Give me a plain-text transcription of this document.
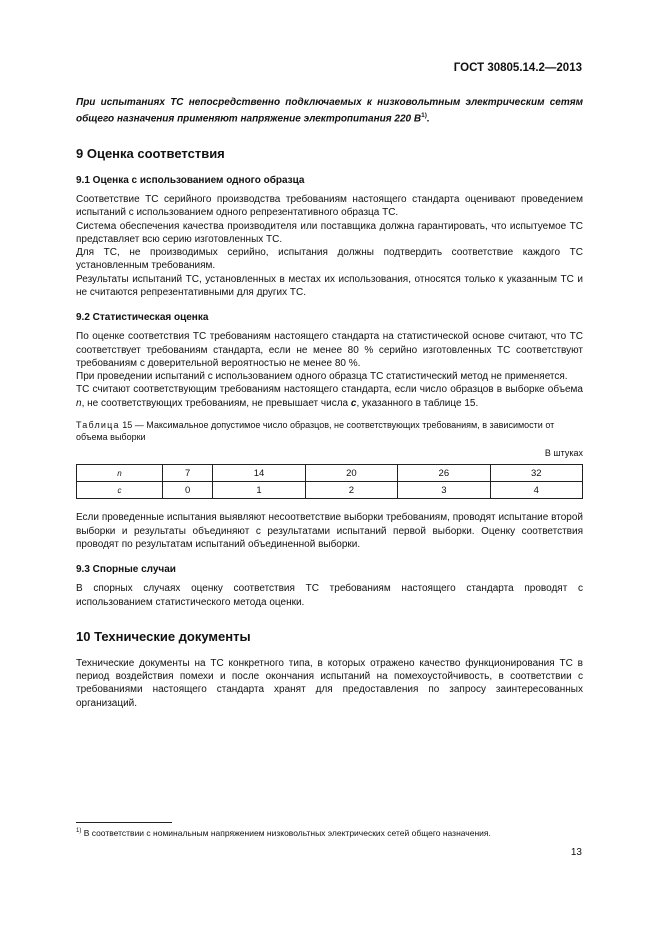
ГОСТ 30805.14.2—2013

При испытаниях ТС непосредственно подключаемых к низковольтным электрическим сетям общего назначения применяют напряжение электропитания 220 $В^{1)}$.

9 Оценка соответствия
9.1 Оценка с использованием одного образца

Соответствие ТС серийного производства требованиям настоящего стандарта оценивают проведением испытаний с использованием одного репрезентативного образца ТС.

Система обеспечения качества производителя или поставщика должна гарантировать, что испытуемое ТС представляет всю серию изготовленных ТС.

Для ТС, не производимых серийно, испытания должны подтвердить соответствие каждого ТС установленным требованиям.

Результаты испытаний ТС, установленных в местах их использования, относятся только к указанным ТС и не считаются репрезентативными для других ТС.

9.2 Статистическая оценка

По оценке соответствия ТС требованиям настоящего стандарта на статистической основе считают, что ТС соответствует требованиям стандарта, если не менее 80 % серийно изготовленных ТС соответствуют требованиям с доверительной вероятностью не менее 80 %.

При проведении испытаний с использованием одного образца ТС статистический метод не применяется.

ТС считают соответствующим требованиям настоящего стандарта, если число образцов в выборке объема n, не соответствующих требованиям, не превышает числа c, указанного в таблице 15.

Таблица 15 — Максимальное допустимое число образцов, не соответствующих требованиям, в зависимости от объема выборки
В штуках
n	7	14	20	26	32
c	0	1	2	3	4

Если проведенные испытания выявляют несоответствие выборки требованиям, проводят испытание второй выборки и результаты объединяют с результатами испытаний первой выборки. Оценку соответствия проводят по результатам испытаний объединенной выборки.

9.3 Спорные случаи

В спорных случаях оценку соответствия ТС требованиям настоящего стандарта проводят с использованием статистического метода оценки.

10 Технические документы

Технические документы на ТС конкретного типа, в которых отражено качество функционирования ТС в период воздействия помехи и после окончания испытаний на помехоустойчивость, в соответствии с требованиями настоящего стандарта хранят для предоставления по запросу заинтересованных организаций.

$^{1)}$ В соответствии с номинальным напряжением низковольтных электрических сетей общего назначения.
13
